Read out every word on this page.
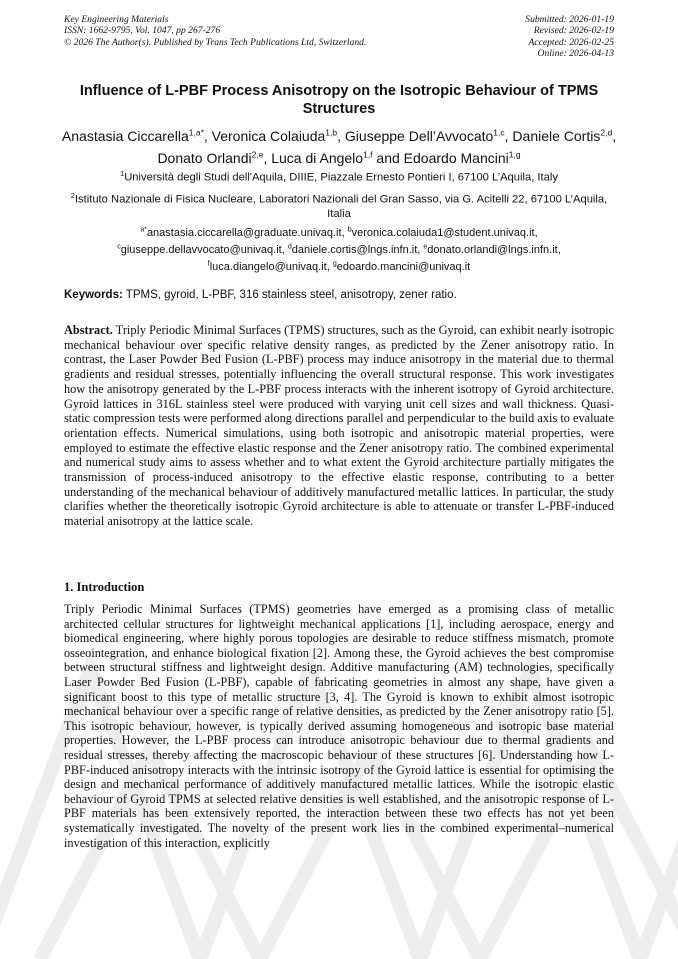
Key Engineering Materials
ISSN: 1662-9795, Vol. 1047, pp 267-276
© 2026 The Author(s). Published by Trans Tech Publications Ltd, Switzerland.
Submitted: 2026-01-19
Revised: 2026-02-19
Accepted: 2026-02-25
Online: 2026-04-13
Influence of L-PBF Process Anisotropy on the Isotropic Behaviour of TPMS Structures
Anastasia Ciccarella$^{1,a*}$, Veronica Colaiuda$^{1,b}$, Giuseppe Dell’Avvocato$^{1,c}$, Daniele Cortis$^{2,d}$, Donato Orlandi$^{2,e}$, Luca di Angelo$^{1,f}$ and Edoardo Mancini$^{1,g}$
$^1$Università degli Studi dell'Aquila, DIIIE, Piazzale Ernesto Pontieri I, 67100 L’Aquila, Italy
$^2$Istituto Nazionale di Fisica Nucleare, Laboratori Nazionali del Gran Sasso, via G. Acitelli 22, 67100 L’Aquila, Italia
$^{a*}$anastasia.ciccarella@graduate.univaq.it, $^b$veronica.colaiuda1@student.univaq.it,
$^c$giuseppe.dellavvocato@univaq.it, $^d$daniele.cortis@lngs.infn.it, $^e$donato.orlandi@lngs.infn.it,
$^f$luca.diangelo@univaq.it, $^g$edoardo.mancini@univaq.it
Keywords: TPMS, gyroid, L-PBF, 316 stainless steel, anisotropy, zener ratio.
Abstract. Triply Periodic Minimal Surfaces (TPMS) structures, such as the Gyroid, can exhibit nearly isotropic mechanical behaviour over specific relative density ranges, as predicted by the Zener anisotropy ratio. In contrast, the Laser Powder Bed Fusion (L-PBF) process may induce anisotropy in the material due to thermal gradients and residual stresses, potentially influencing the overall structural response. This work investigates how the anisotropy generated by the L-PBF process interacts with the inherent isotropy of Gyroid architecture. Gyroid lattices in 316L stainless steel were produced with varying unit cell sizes and wall thickness. Quasi-static compression tests were performed along directions parallel and perpendicular to the build axis to evaluate orientation effects. Numerical simulations, using both isotropic and anisotropic material properties, were employed to estimate the effective elastic response and the Zener anisotropy ratio. The combined experimental and numerical study aims to assess whether and to what extent the Gyroid architecture partially mitigates the transmission of process-induced anisotropy to the effective elastic response, contributing to a better understanding of the mechanical behaviour of additively manufactured metallic lattices. In particular, the study clarifies whether the theoretically isotropic Gyroid architecture is able to attenuate or transfer L-PBF-induced material anisotropy at the lattice scale.
1. Introduction
Triply Periodic Minimal Surfaces (TPMS) geometries have emerged as a promising class of metallic architected cellular structures for lightweight mechanical applications [1], including aerospace, energy and biomedical engineering, where highly porous topologies are desirable to reduce stiffness mismatch, promote osseointegration, and enhance biological fixation [2]. Among these, the Gyroid achieves the best compromise between structural stiffness and lightweight design. Additive manufacturing (AM) technologies, specifically Laser Powder Bed Fusion (L-PBF), capable of fabricating geometries in almost any shape, have given a significant boost to this type of metallic structure [3, 4]. The Gyroid is known to exhibit almost isotropic mechanical behaviour over a specific range of relative densities, as predicted by the Zener anisotropy ratio [5]. This isotropic behaviour, however, is typically derived assuming homogeneous and isotropic base material properties. However, the L-PBF process can introduce anisotropic behaviour due to thermal gradients and residual stresses, thereby affecting the macroscopic behaviour of these structures [6]. Understanding how L-PBF-induced anisotropy interacts with the intrinsic isotropy of the Gyroid lattice is essential for optimising the design and mechanical performance of additively manufactured metallic lattices. While the isotropic elastic behaviour of Gyroid TPMS at selected relative densities is well established, and the anisotropic response of L-PBF materials has been extensively reported, the interaction between these two effects has not yet been systematically investigated. The novelty of the present work lies in the combined experimental–numerical investigation of this interaction, explicitly
